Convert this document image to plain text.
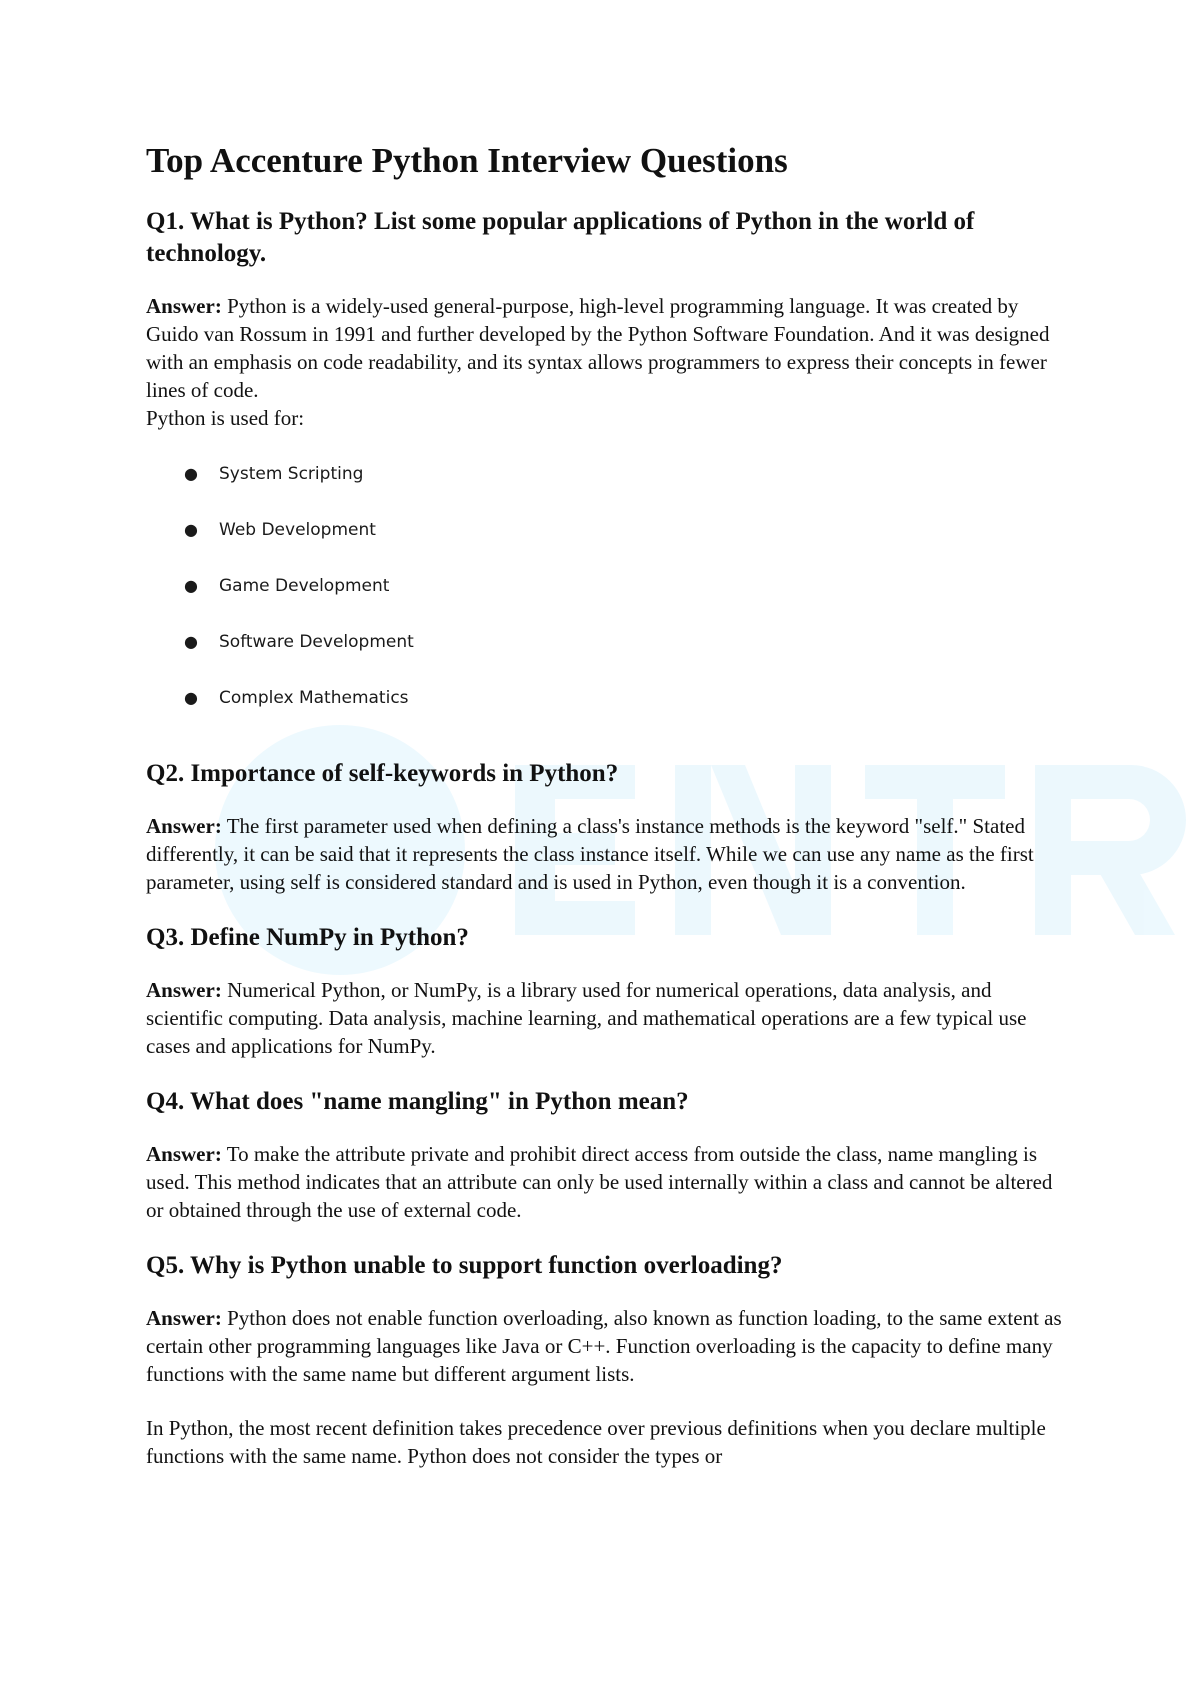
Top Accenture Python Interview Questions
Q1. What is Python? List some popular applications of Python in the world of technology.

Answer: Python is a widely-used general-purpose, high-level programming language. It was created by Guido van Rossum in 1991 and further developed by the Python Software Foundation. And it was designed with an emphasis on code readability, and its syntax allows programmers to express their concepts in fewer lines of code.
Python is used for:

● System Scripting
● Web Development
● Game Development
● Software Development
● Complex Mathematics
Q2. Importance of self-keywords in Python?

Answer: The first parameter used when defining a class's instance methods is the keyword "self." Stated differently, it can be said that it represents the class instance itself. While we can use any name as the first parameter, using self is considered standard and is used in Python, even though it is a convention.

Q3. Define NumPy in Python?

Answer: Numerical Python, or NumPy, is a library used for numerical operations, data analysis, and scientific computing. Data analysis, machine learning, and mathematical operations are a few typical use cases and applications for NumPy.

Q4. What does "name mangling" in Python mean?

Answer: To make the attribute private and prohibit direct access from outside the class, name mangling is used. This method indicates that an attribute can only be used internally within a class and cannot be altered or obtained through the use of external code.

Q5. Why is Python unable to support function overloading?

Answer: Python does not enable function overloading, also known as function loading, to the same extent as certain other programming languages like Java or C++. Function overloading is the capacity to define many functions with the same name but different argument lists.

In Python, the most recent definition takes precedence over previous definitions when you declare multiple functions with the same name. Python does not consider the types or
